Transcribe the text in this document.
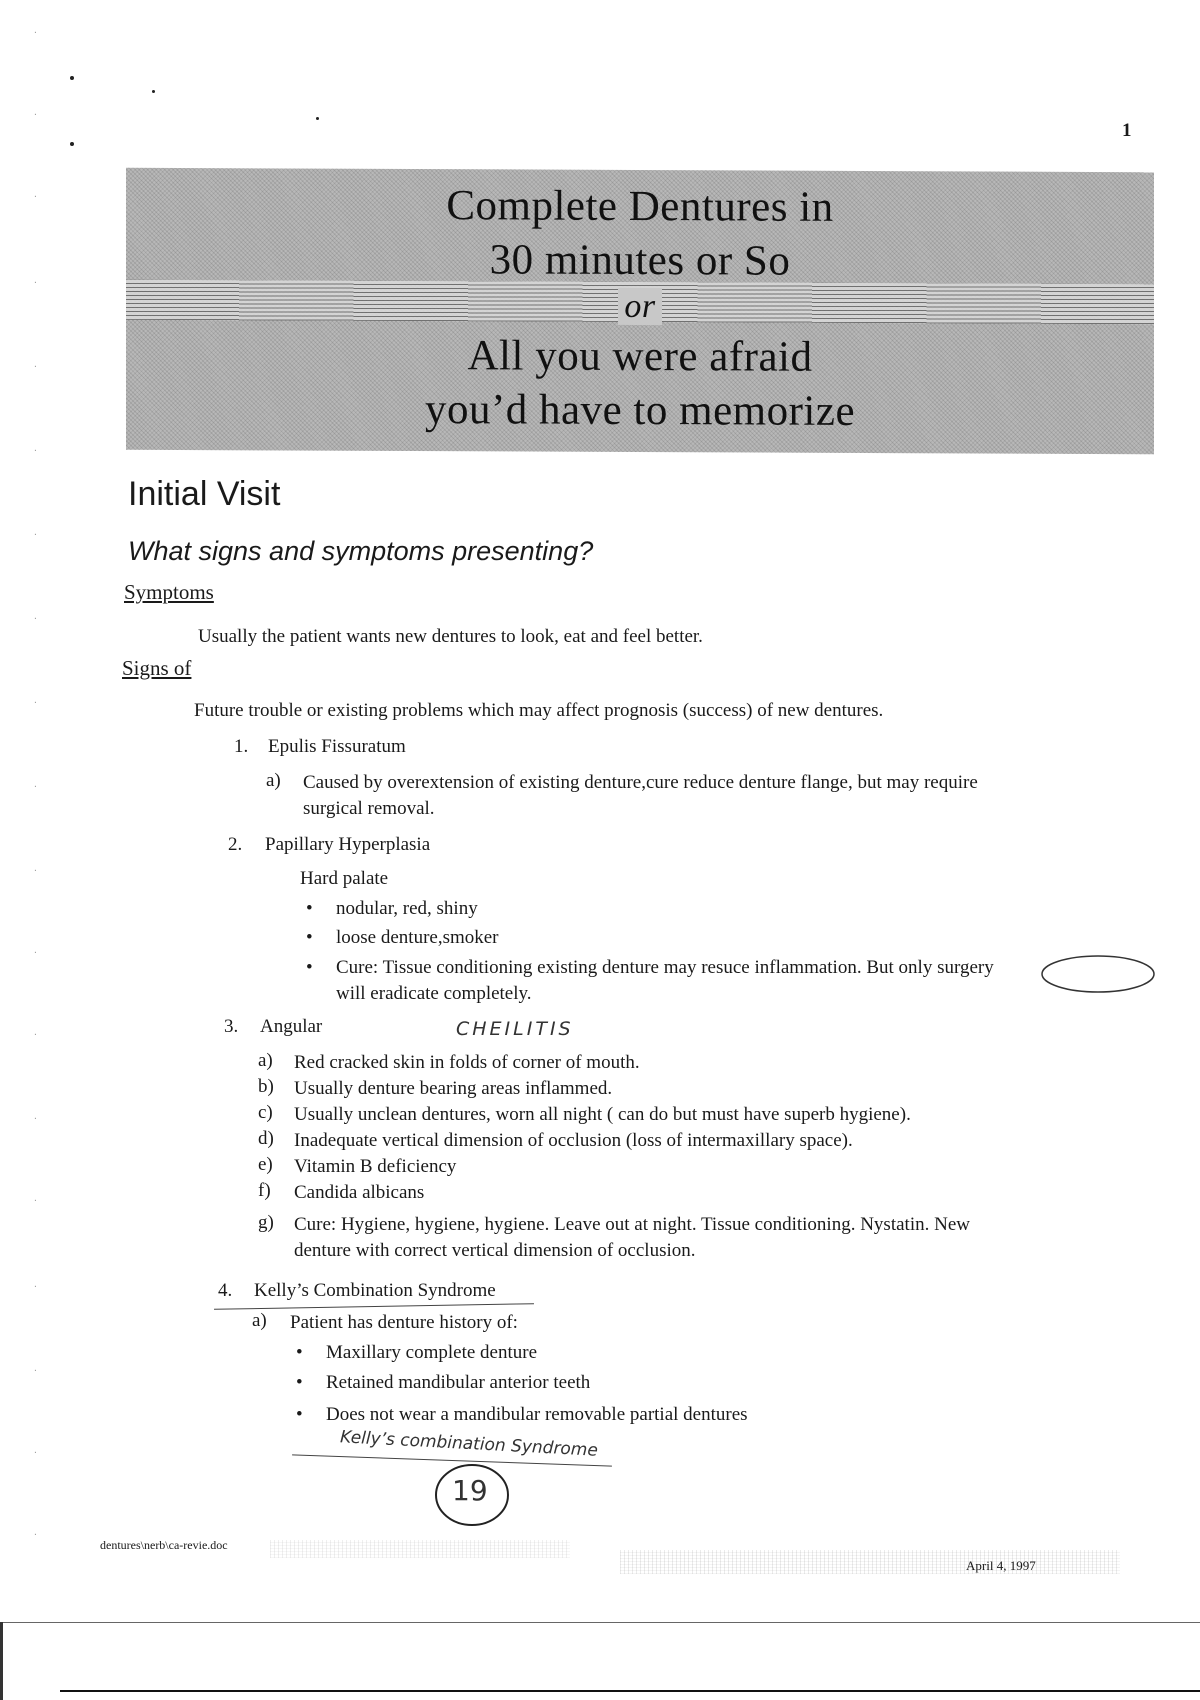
·
·
·
·
·
·
·
·
·
·
·
·
·
·
·
·
·
·
·
1
Complete Dentures in
30 minutes or So
or
All you were afraid
you’d have to memorize
Initial Visit
What signs and symptoms presenting?
Symptoms
Usually the patient wants new dentures to look, eat and feel better.
Signs of
Future trouble or existing problems which may affect prognosis (success) of new dentures.
1. Epulis Fissuratum
a) Caused by overextension of existing denture,cure reduce denture flange, but may require
surgical removal.
2. Papillary Hyperplasia
Hard palate
• nodular, red, shiny
• loose denture,smoker
• Cure: Tissue conditioning existing denture may resuce inflammation. But only surgery
will eradicate completely.
3. Angular	CHEILITIS
a) Red cracked skin in folds of corner of mouth.
b) Usually denture bearing areas inflammed.
c) Usually unclean dentures, worn all night ( can do but must have superb hygiene).
d) Inadequate vertical dimension of occlusion (loss of intermaxillary space).
e) Vitamin B deficiency
f) Candida albicans
g) Cure: Hygiene, hygiene, hygiene. Leave out at night. Tissue conditioning. Nystatin. New
denture with correct vertical dimension of occlusion.
4. Kelly’s Combination Syndrome
a) Patient has denture history of:
• Maxillary complete denture
• Retained mandibular anterior teeth
• Does not wear a mandibular removable partial dentures
Kelly’s combination Syndrome
19
dentures\nerb\ca-revie.doc
April 4, 1997
